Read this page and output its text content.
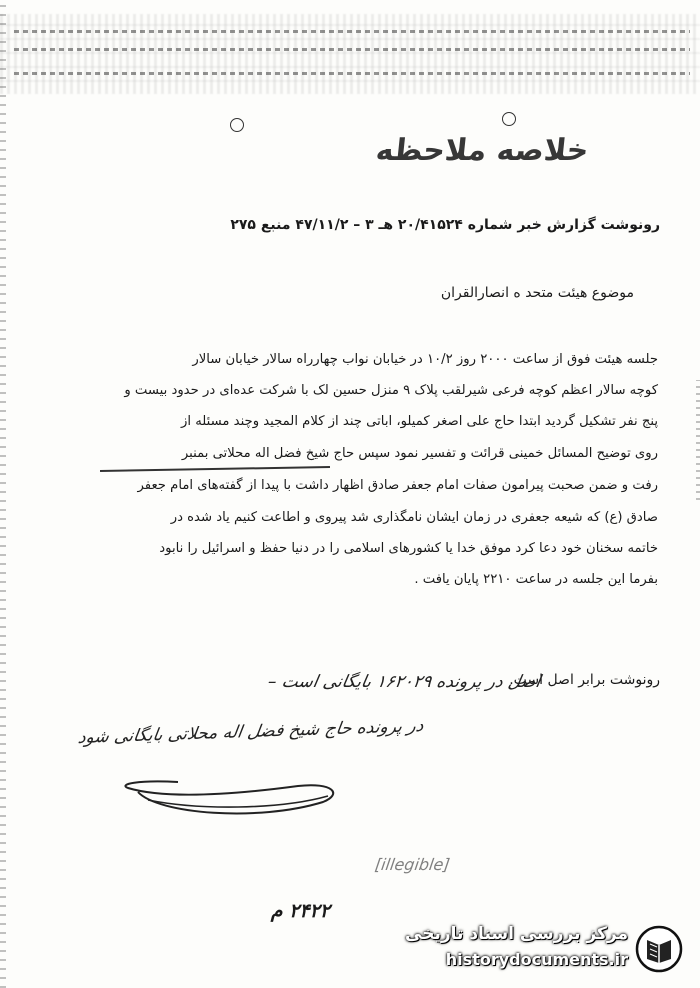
خلاصه ملاحظه
رونوشت گزارش خبر شماره ۲۰/۴۱۵۲۴ هـ ۳ – ۴۷/۱۱/۲ منبع ۲۷۵
موضوع هیئت متحد ه انصارالقران
جلسه هیئت فوق از ساعت ۲۰۰۰ روز ۱۰/۲ در خیابان نواب چهارراه سالار خیابان سالار
کوچه سالار اعظم کوچه فرعی شیرلقب پلاک ۹ منزل حسین لک با شرکت عده‌ای در حدود بیست و
پنج نفر تشکیل گردید ابتدا حاج علی اصغر کمیلو، اباتی چند از کلام المجید وچند مسئله از
روی توضیح المسائل خمینی قرائت و تفسیر نمود سپس حاج شیخ فضل اله محلاتی بمنبر
رفت و ضمن صحبت پیرامون صفات امام جعفر صادق اظهار داشت با پیدا از گفته‌های امام جعفر
صادق (ع) که شیعه جعفری در زمان ایشان نامگذاری شد پیروی و اطاعت کنیم یاد شده در
خاتمه سخنان خود دعا کرد موفق خدا یا کشورهای اسلامی را در دنیا حفظ و اسرائیل را نابود
بفرما این جلسه در ساعت ۲۲۱۰ پایان یافت .
رونوشت برابر اصل است.
اصل در پرونده ۱۶۲۰۲۹ بایگانی است –
در پرونده حاج شیخ فضل اله محلاتی بایگانی شود
[illegible]
۲۴۲۲ م
مرکز بررسی اسناد تاریخی
historydocuments.ir
